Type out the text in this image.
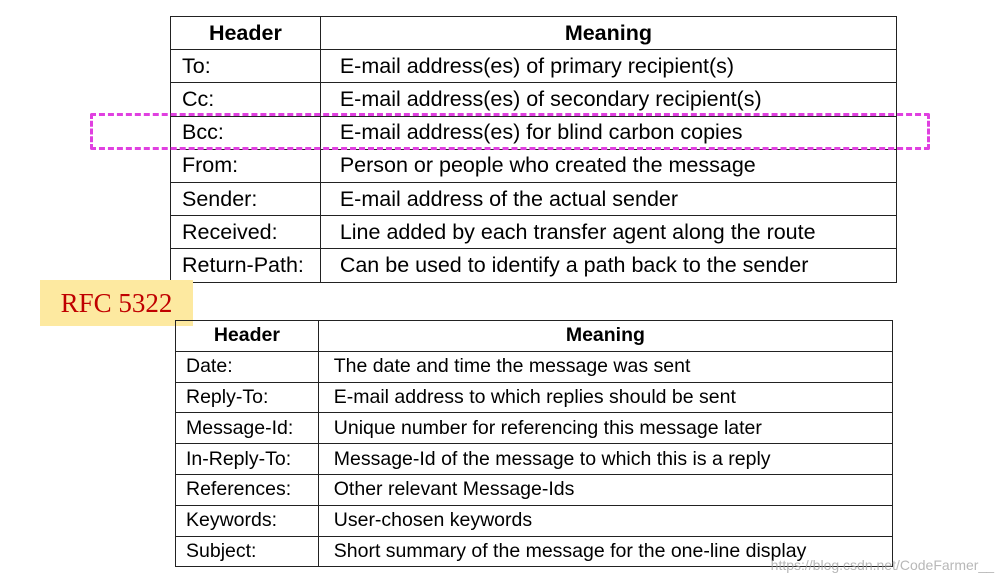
Header	Meaning
To:	E-mail address(es) of primary recipient(s)
Cc:	E-mail address(es) of secondary recipient(s)
Bcc:	E-mail address(es) for blind carbon copies
From:	Person or people who created the message
Sender:	E-mail address of the actual sender
Received:	Line added by each transfer agent along the route
Return-Path:	Can be used to identify a path back to the sender
RFC 5322
Header	Meaning
Date:	The date and time the message was sent
Reply-To:	E-mail address to which replies should be sent
Message-Id:	Unique number for referencing this message later
In-Reply-To:	Message-Id of the message to which this is a reply
References:	Other relevant Message-Ids
Keywords:	User-chosen keywords
Subject:	Short summary of the message for the one-line display
https://blog.csdn.net/CodeFarmer__
